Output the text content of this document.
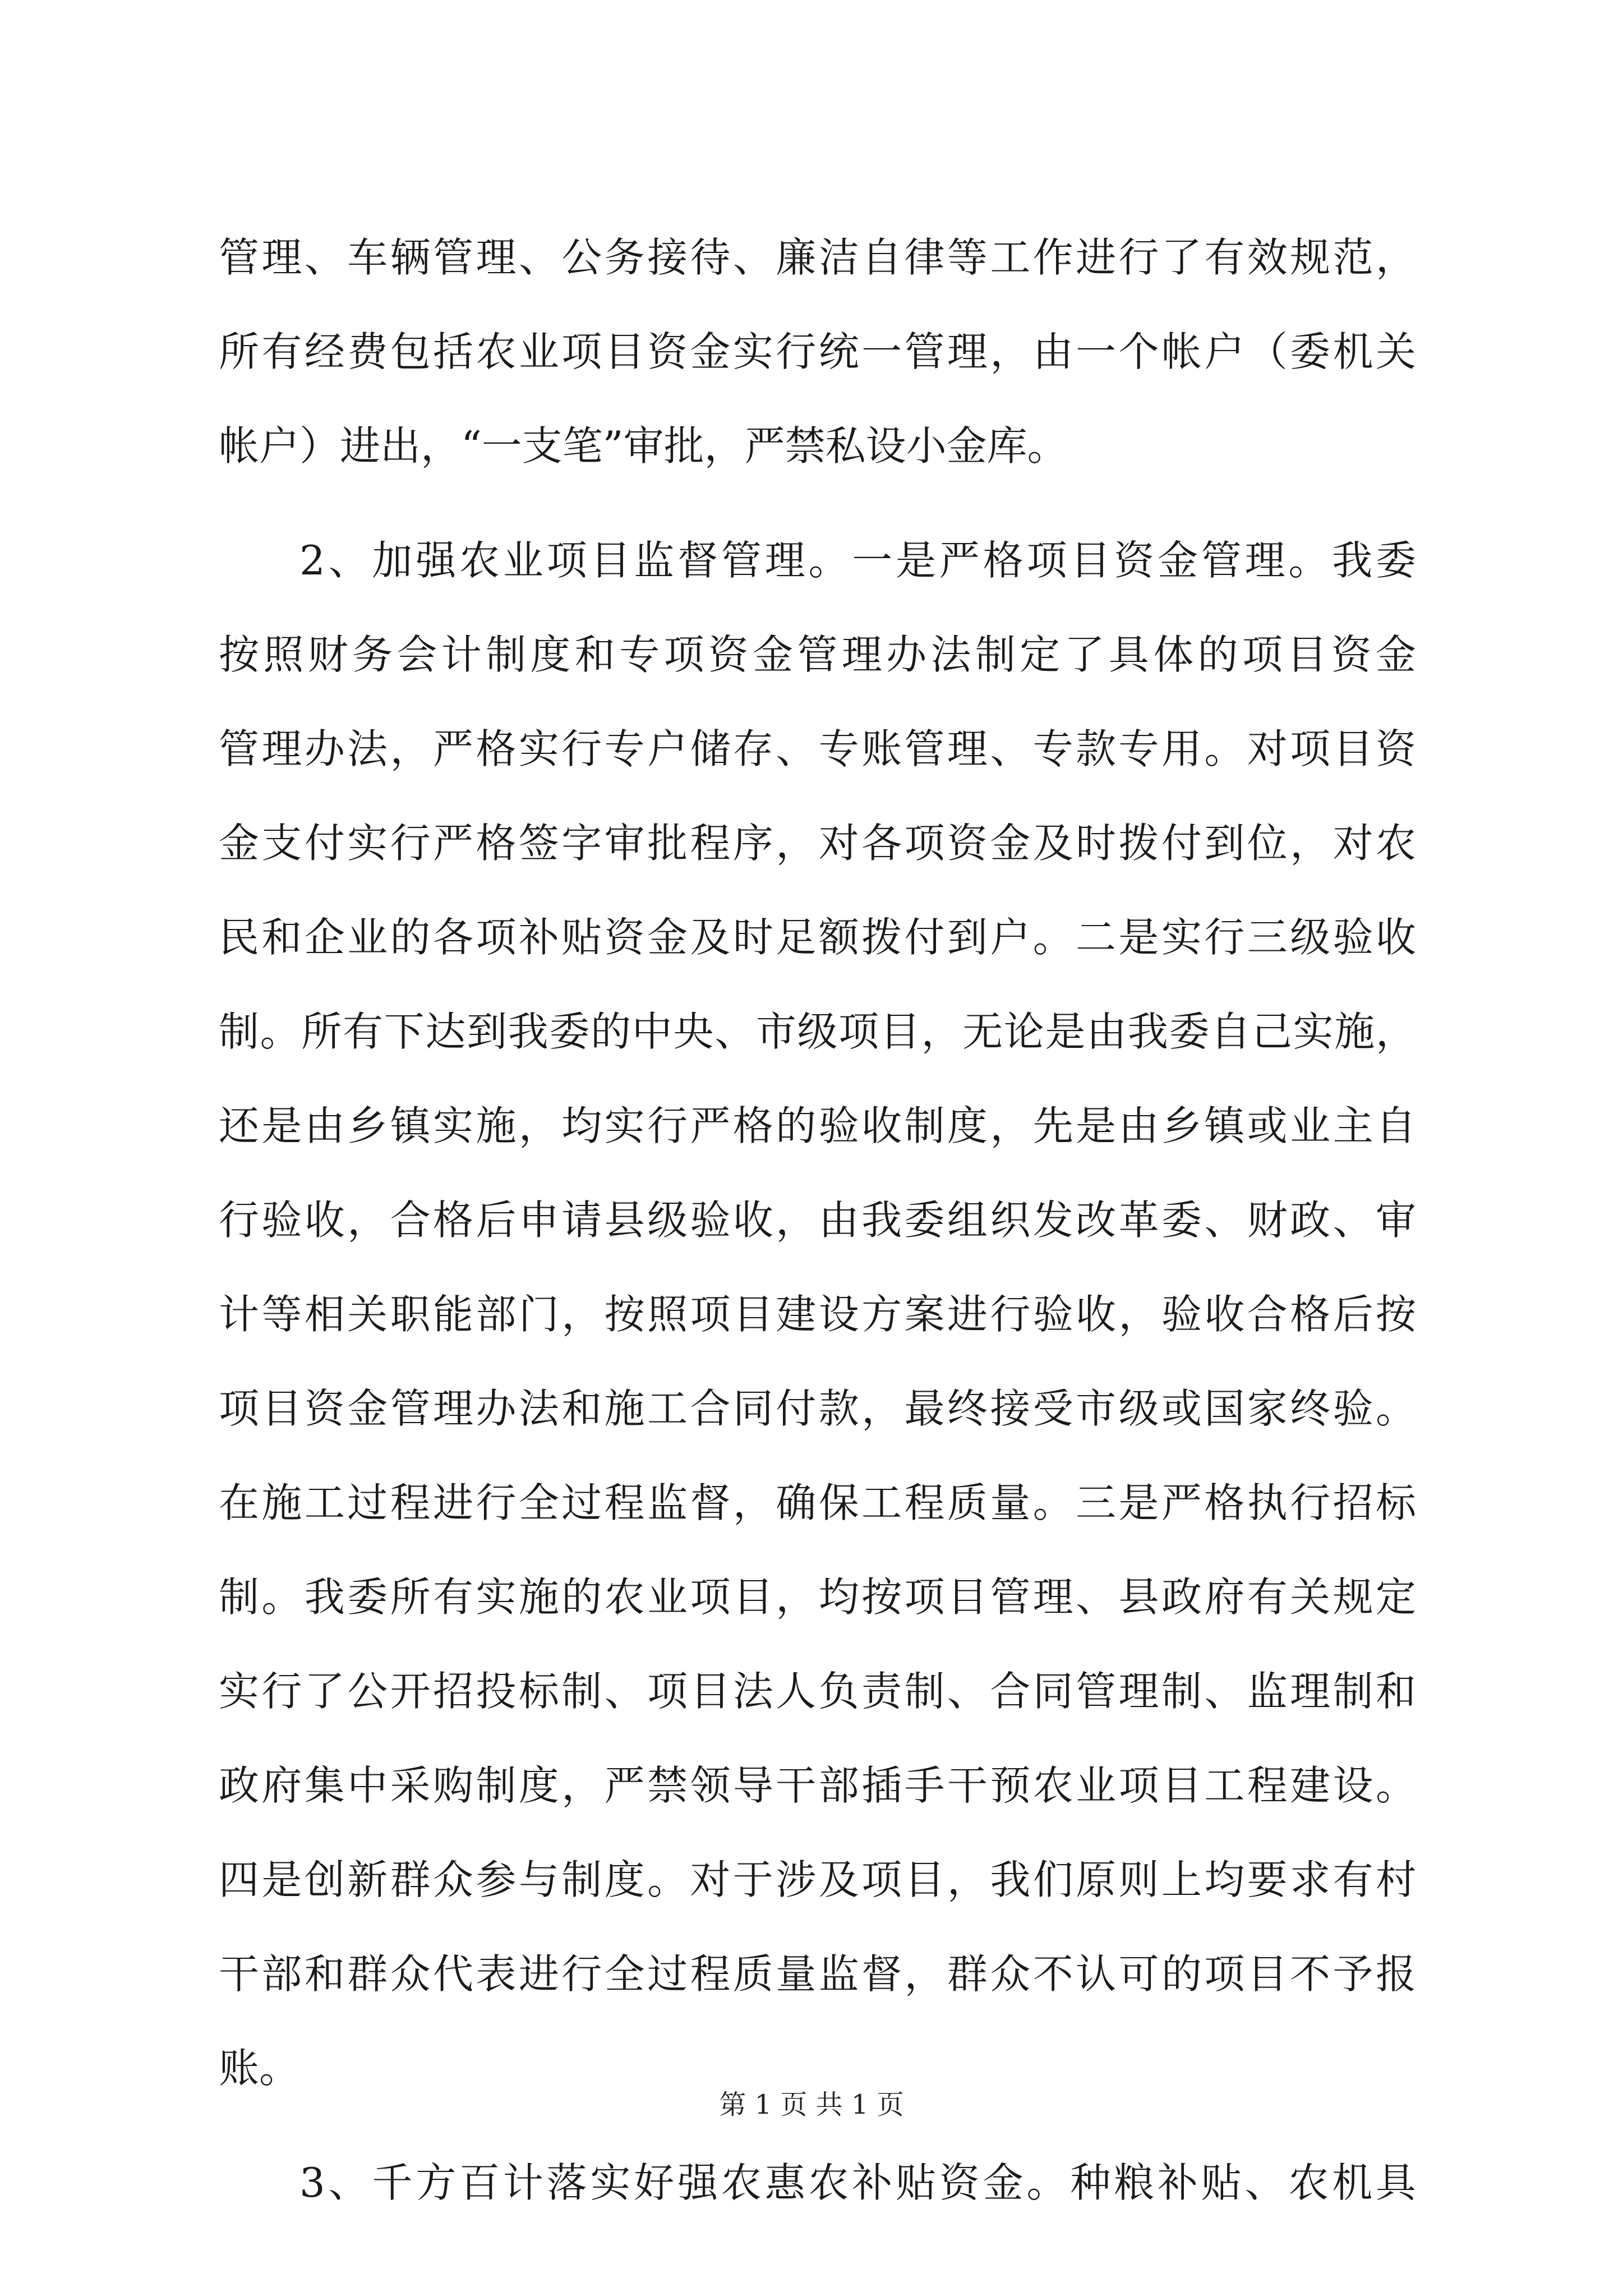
管理、车辆管理、公务接待、廉洁自律等工作进行了有效规范，
所有经费包括农业项目资金实行统一管理，由一个帐户（委机关
帐户）进出，“一支笔”审批，严禁私设小金库。
2、加强农业项目监督管理。一是严格项目资金管理。我委
按照财务会计制度和专项资金管理办法制定了具体的项目资金
管理办法，严格实行专户储存、专账管理、专款专用。对项目资
金支付实行严格签字审批程序，对各项资金及时拨付到位，对农
民和企业的各项补贴资金及时足额拨付到户。二是实行三级验收
制。所有下达到我委的中央、市级项目，无论是由我委自己实施，
还是由乡镇实施，均实行严格的验收制度，先是由乡镇或业主自
行验收，合格后申请县级验收，由我委组织发改革委、财政、审
计等相关职能部门，按照项目建设方案进行验收，验收合格后按
项目资金管理办法和施工合同付款，最终接受市级或国家终验。
在施工过程进行全过程监督，确保工程质量。三是严格执行招标
制。我委所有实施的农业项目，均按项目管理、县政府有关规定
实行了公开招投标制、项目法人负责制、合同管理制、监理制和
政府集中采购制度，严禁领导干部插手干预农业项目工程建设。
四是创新群众参与制度。对于涉及项目，我们原则上均要求有村
干部和群众代表进行全过程质量监督，群众不认可的项目不予报
账。
3、千方百计落实好强农惠农补贴资金。种粮补贴、农机具
第 1 页 共 1 页
